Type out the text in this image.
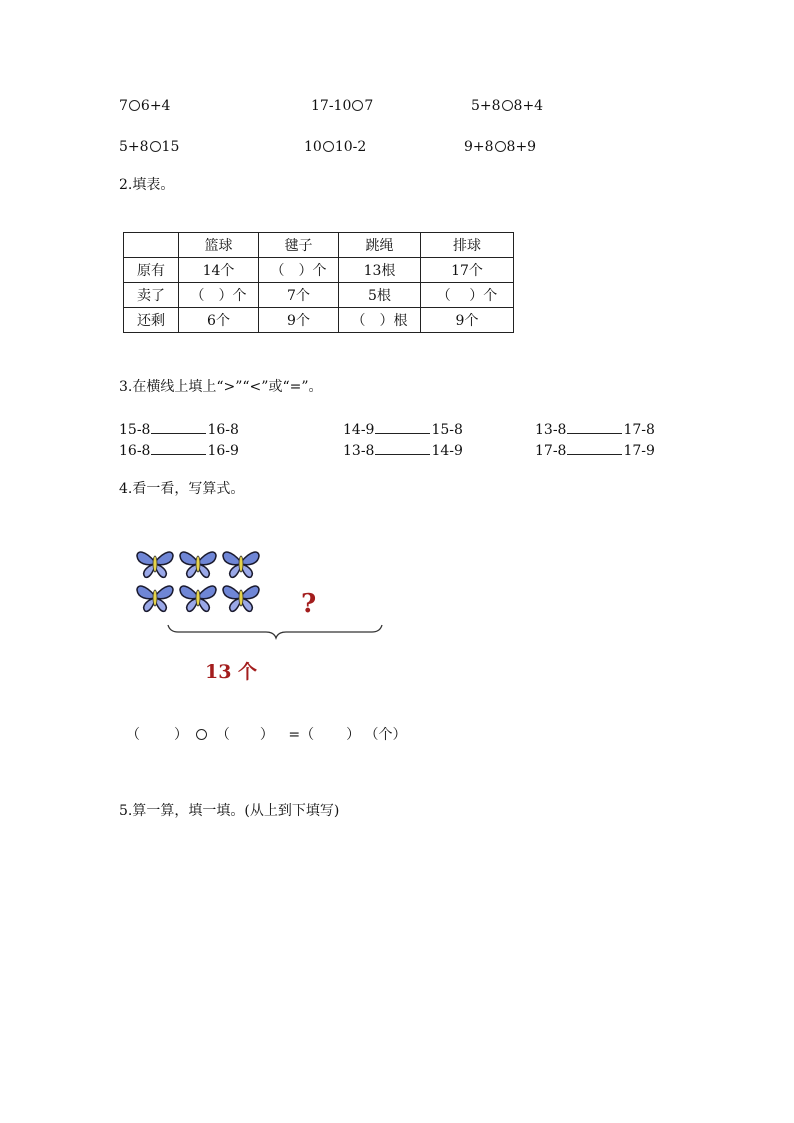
7 6+4	17-10 7	5+8 8+4
5+8 15	10 10-2	9+8 8+9
2.填表。
	篮球	毽子	跳绳	排球
原有	14个	（　）个	13根	17个
卖了	（　）个	7个	5根	（　 ）个
还剩	6个	9个	（　）根	9个
3.在横线上填上“>”“<”或“=”。
15-8	16-8	14-9	15-8	13-8	17-8
16-8	16-9	13-8	14-9	17-8	17-9
4.看一看，写算式。
?
13 个
（ ） （ ） =（ ） （个）
5.算一算，填一填。(从上到下填写)
